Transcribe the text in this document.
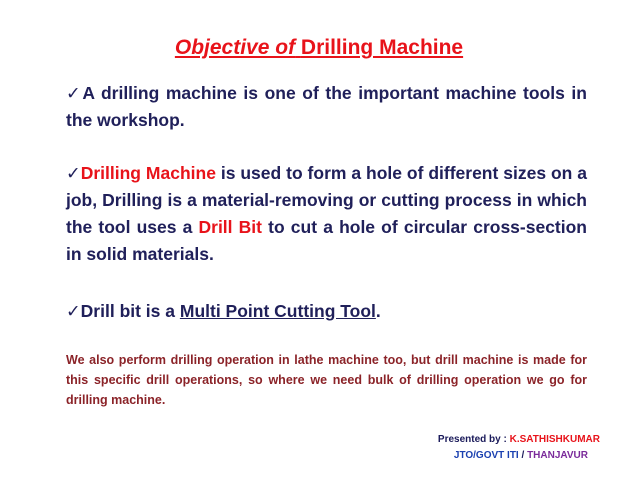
Objective of Drilling Machine
✓A drilling machine is one of the important machine tools in the workshop.
✓Drilling Machine is used to form a hole of different sizes on a job, Drilling is a material-removing or cutting process in which the tool uses a Drill Bit to cut a hole of circular cross-section in solid materials.
✓Drill bit is a Multi Point Cutting Tool.
We also perform drilling operation in lathe machine too, but drill machine is made for this specific drill operations, so where we need bulk of drilling operation we go for drilling machine.
Presented by : K.SATHISHKUMAR
JTO/GOVT ITI / THANJAVUR
